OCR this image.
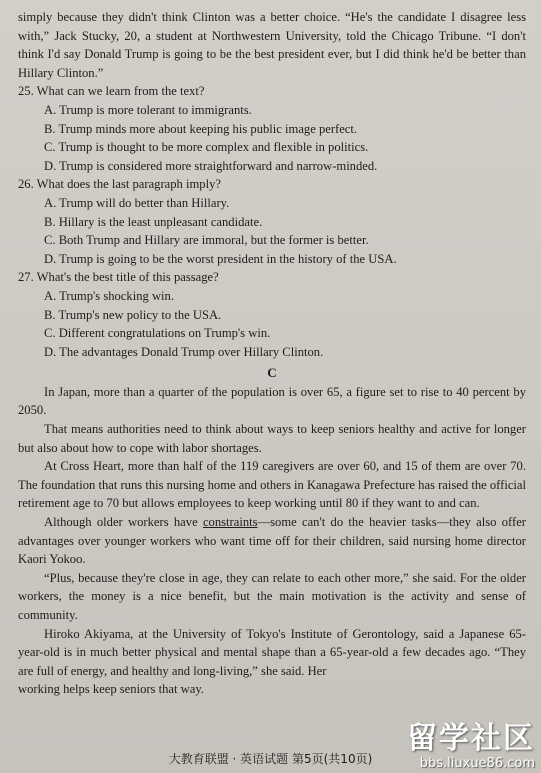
simply because they didn't think Clinton was a better choice. “He's the candidate I disagree less with,” Jack Stucky, 20, a student at Northwestern University, told the Chicago Tribune. “I don't think I'd say Donald Trump is going to be the best president ever, but I did think he'd be better than Hillary Clinton.”

25. What can we learn from the text?

A. Trump is more tolerant to immigrants.

B. Trump minds more about keeping his public image perfect.

C. Trump is thought to be more complex and flexible in politics.

D. Trump is considered more straightforward and narrow-minded.

26. What does the last paragraph imply?

A. Trump will do better than Hillary.

B. Hillary is the least unpleasant candidate.

C. Both Trump and Hillary are immoral, but the former is better.

D. Trump is going to be the worst president in the history of the USA.

27. What's the best title of this passage?

A. Trump's shocking win.

B. Trump's new policy to the USA.

C. Different congratulations on Trump's win.

D. The advantages Donald Trump over Hillary Clinton.

C

In Japan, more than a quarter of the population is over 65, a figure set to rise to 40 percent by 2050.

That means authorities need to think about ways to keep seniors healthy and active for longer but also about how to cope with labor shortages.

At Cross Heart, more than half of the 119 caregivers are over 60, and 15 of them are over 70. The foundation that runs this nursing home and others in Kanagawa Prefecture has raised the official retirement age to 70 but allows employees to keep working until 80 if they want to and can.

Although older workers have constraints—some can't do the heavier tasks—they also offer advantages over younger workers who want time off for their children, said nursing home director Kaori Yokoo.

“Plus, because they're close in age, they can relate to each other more,” she said. For the older workers, the money is a nice benefit, but the main motivation is the activity and sense of community.

Hiroko Akiyama, at the University of Tokyo's Institute of Gerontology, said a Japanese 65-year-old is in much better physical and mental shape than a 65-year-old a few decades ago. “They are full of energy, and healthy and long-living,” she said. Her

working helps keep seniors that way.

大教育联盟 · 英语试题 第5页(共10页)
留学社区
bbs.liuxue86.com
